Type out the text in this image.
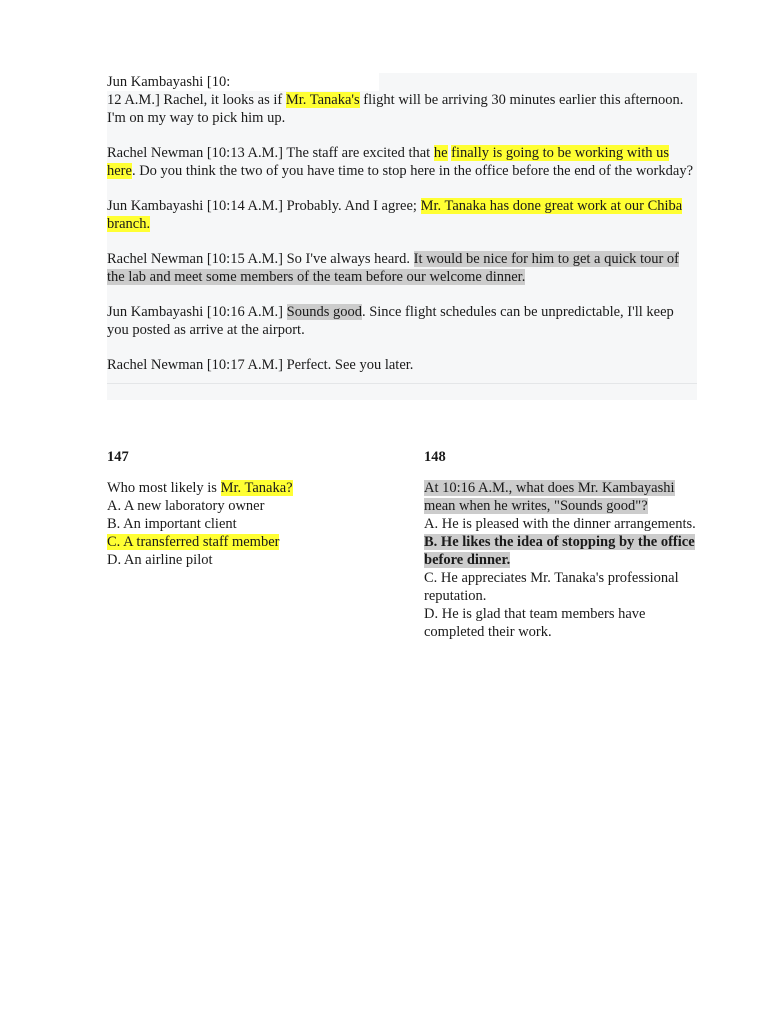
Jun Kambayashi [10:
12 A.M.] Rachel, it looks as if Mr. Tanaka's flight will be arriving 30 minutes earlier this afternoon. I'm on my way to pick him up.

Rachel Newman [10:13 A.M.] The staff are excited that he finally is going to be working with us here. Do you think the two of you have time to stop here in the office before the end of the workday?

Jun Kambayashi [10:14 A.M.] Probably. And I agree; Mr. Tanaka has done great work at our Chiba branch.

Rachel Newman [10:15 A.M.] So I've always heard. It would be nice for him to get a quick tour of the lab and meet some members of the team before our welcome dinner.

Jun Kambayashi [10:16 A.M.] Sounds good. Since flight schedules can be unpredictable, I'll keep you posted as arrive at the airport.

Rachel Newman [10:17 A.M.] Perfect. See you later.

147

Who most likely is Mr. Tanaka?

A. A new laboratory owner

B. An important client

C. A transferred staff member

D. An airline pilot

148

At 10:16 A.M., what does Mr. Kambayashi mean when he writes, "Sounds good"?

A. He is pleased with the dinner arrangements.

B. He likes the idea of stopping by the office before dinner.

C. He appreciates Mr. Tanaka's professional reputation.

D. He is glad that team members have completed their work.
